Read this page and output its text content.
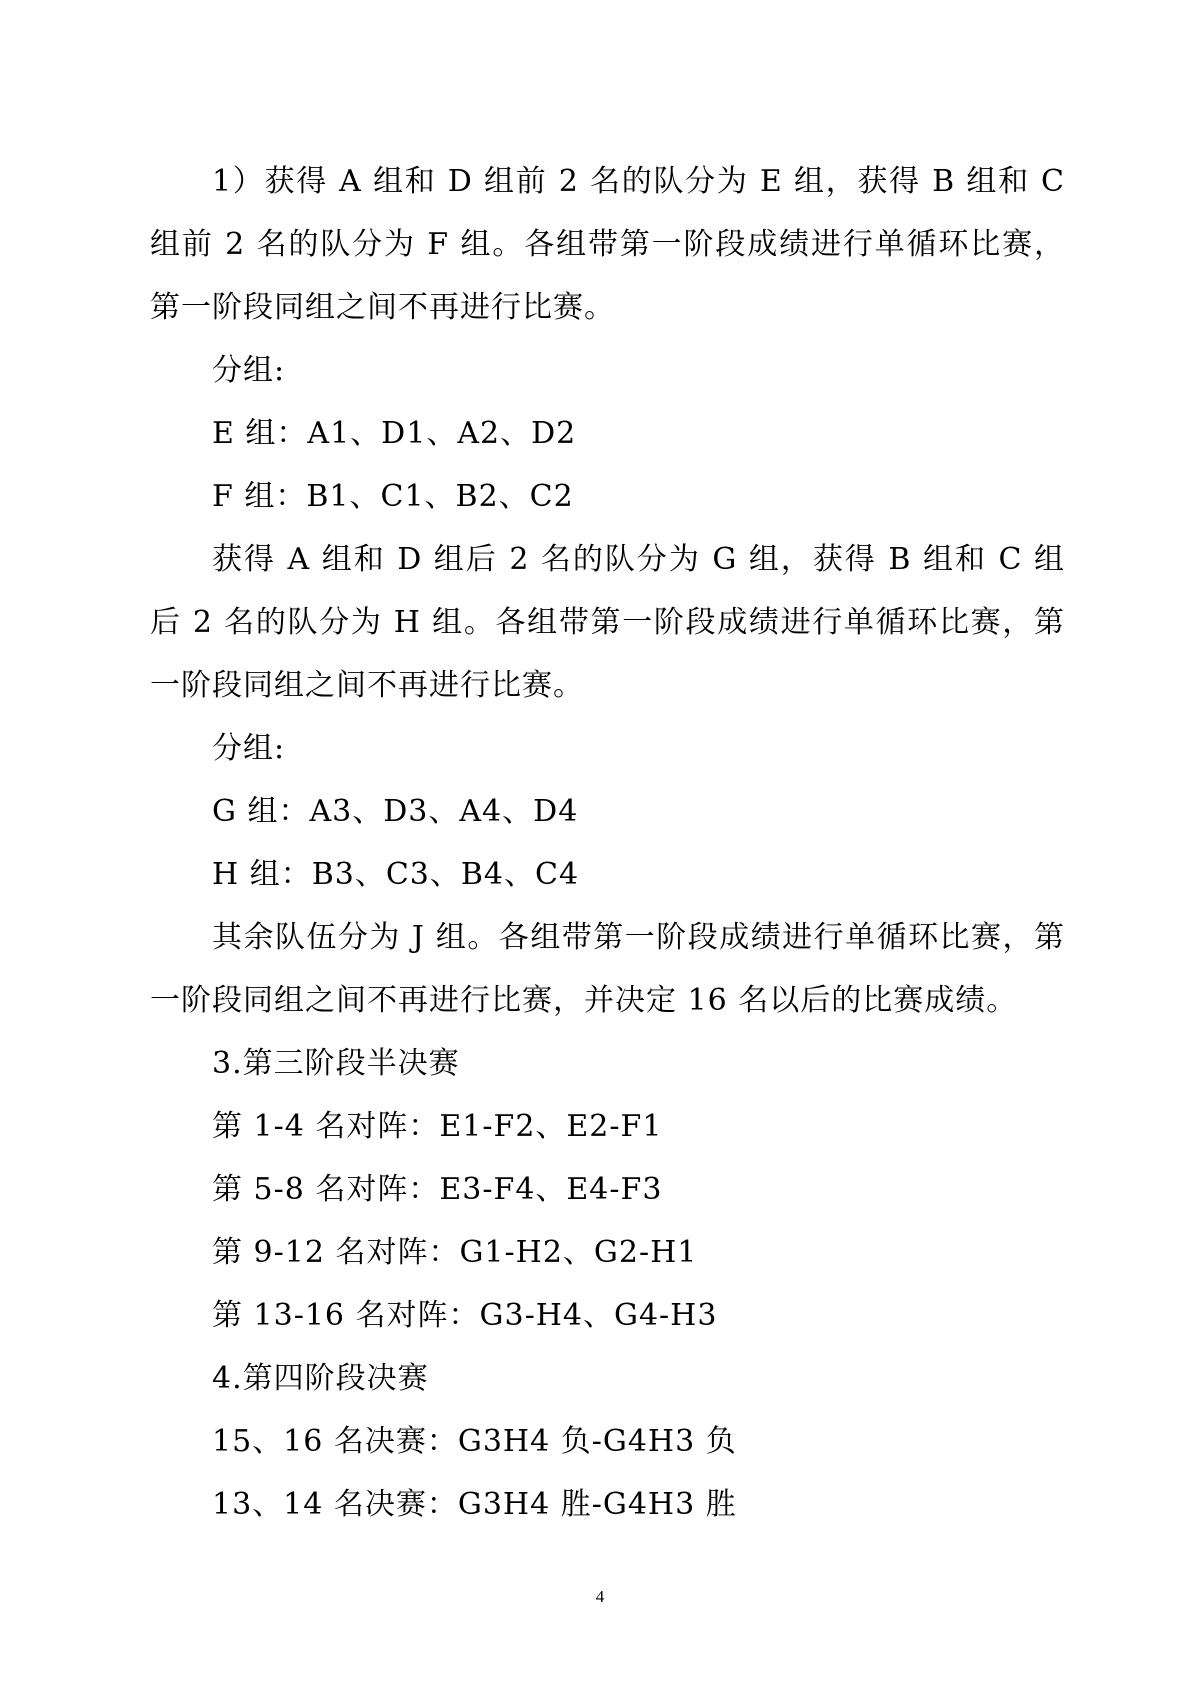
1）获得 A 组和 D 组前 2 名的队分为 E 组，获得 B 组和 C 组前 2 名的队分为 F 组。各组带第一阶段成绩进行单循环比赛，第一阶段同组之间不再进行比赛。

分组:

E 组：A1、D1、A2、D2

F 组：B1、C1、B2、C2

获得 A 组和 D 组后 2 名的队分为 G 组，获得 B 组和 C 组后 2 名的队分为 H 组。各组带第一阶段成绩进行单循环比赛，第一阶段同组之间不再进行比赛。

分组:

G 组：A3、D3、A4、D4

H 组：B3、C3、B4、C4

其余队伍分为 J 组。各组带第一阶段成绩进行单循环比赛，第一阶段同组之间不再进行比赛，并决定 16 名以后的比赛成绩。

3.第三阶段半决赛

第 1-4 名对阵：E1-F2、E2-F1

第 5-8 名对阵：E3-F4、E4-F3

第 9-12 名对阵：G1-H2、G2-H1

第 13-16 名对阵：G3-H4、G4-H3

4.第四阶段决赛

15、16 名决赛：G3H4 负-G4H3 负

13、14 名决赛：G3H4 胜-G4H3 胜

4
